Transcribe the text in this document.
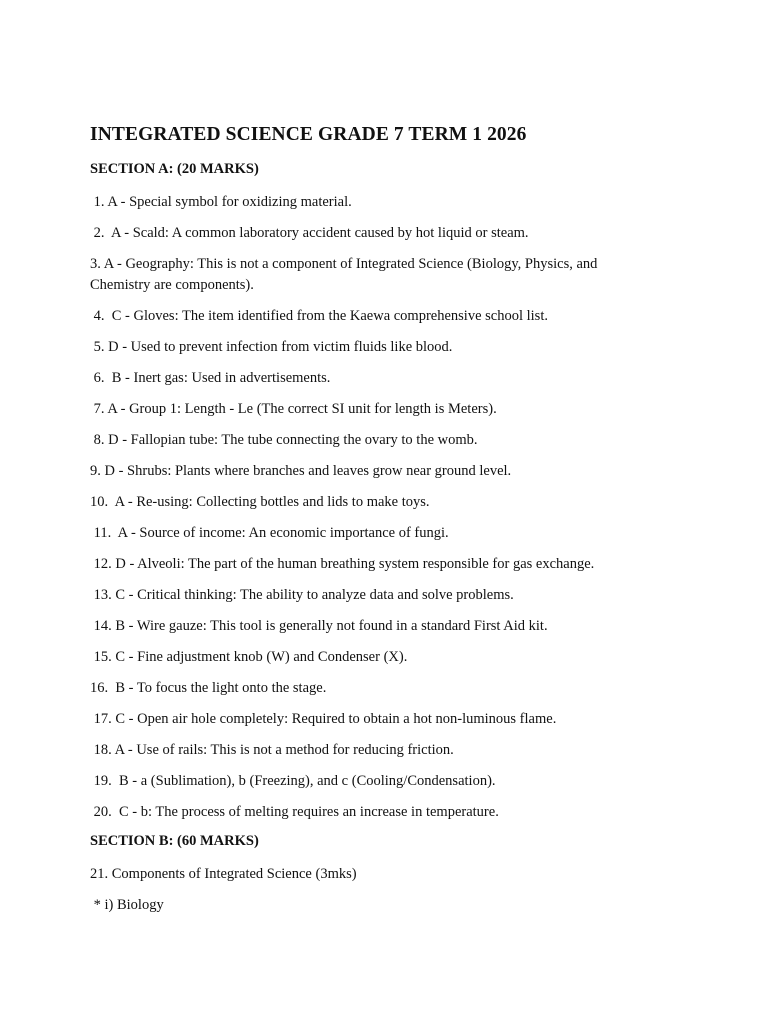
INTEGRATED SCIENCE GRADE 7 TERM 1 2026
SECTION A: (20 MARKS)

1. A - Special symbol for oxidizing material.

2.  A - Scald: A common laboratory accident caused by hot liquid or steam.

3. A - Geography: This is not a component of Integrated Science (Biology, Physics, and Chemistry are components).

4.  C - Gloves: The item identified from the Kaewa comprehensive school list.

5. D - Used to prevent infection from victim fluids like blood.

6.  B - Inert gas: Used in advertisements.

7. A - Group 1: Length - Le (The correct SI unit for length is Meters).

8. D - Fallopian tube: The tube connecting the ovary to the womb.

9. D - Shrubs: Plants where branches and leaves grow near ground level.

10.  A - Re-using: Collecting bottles and lids to make toys.

11.  A - Source of income: An economic importance of fungi.

12. D - Alveoli: The part of the human breathing system responsible for gas exchange.

13. C - Critical thinking: The ability to analyze data and solve problems.

14. B - Wire gauze: This tool is generally not found in a standard First Aid kit.

15. C - Fine adjustment knob (W) and Condenser (X).

16.  B - To focus the light onto the stage.

17. C - Open air hole completely: Required to obtain a hot non-luminous flame.

18. A - Use of rails: This is not a method for reducing friction.

19.  B - a (Sublimation), b (Freezing), and c (Cooling/Condensation).

20.  C - b: The process of melting requires an increase in temperature.

SECTION B: (60 MARKS)

21. Components of Integrated Science (3mks)

* i) Biology
